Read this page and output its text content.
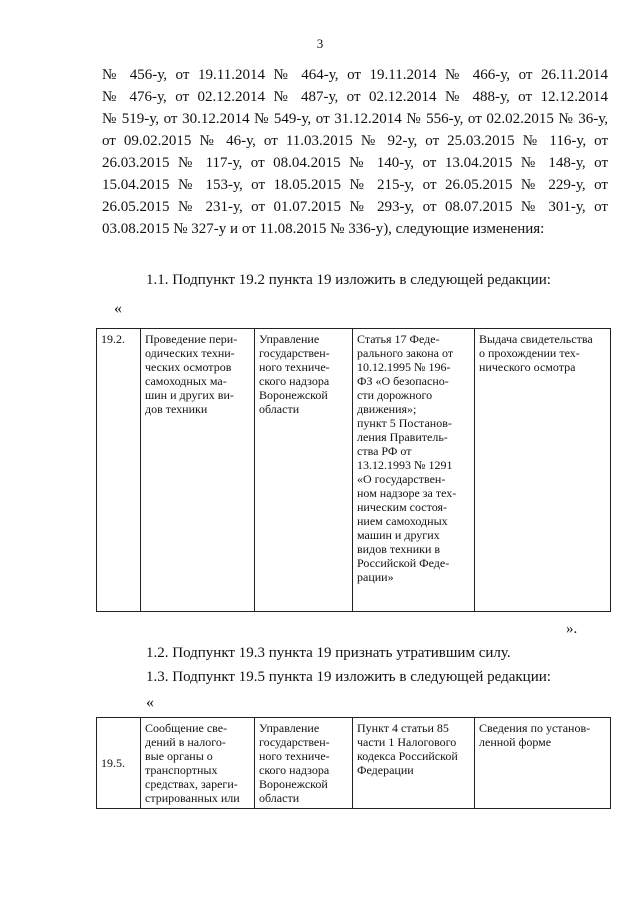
3
№ 456-у, от 19.11.2014 № 464-у, от 19.11.2014 № 466-у, от 26.11.2014
№ 476-у, от 02.12.2014 № 487-у, от 02.12.2014 № 488-у, от 12.12.2014
№ 519-у, от 30.12.2014 № 549-у, от 31.12.2014 № 556-у, от 02.02.2015 № 36-у,
от 09.02.2015 № 46-у, от 11.03.2015 № 92-у, от 25.03.2015 № 116-у, от
26.03.2015 № 117-у, от 08.04.2015 № 140-у, от 13.04.2015 № 148-у, от
15.04.2015 № 153-у, от 18.05.2015 № 215-у, от 26.05.2015 № 229-у, от
26.05.2015 № 231-у, от 01.07.2015 № 293-у, от 08.07.2015 № 301-у, от
03.08.2015 № 327-у и от 11.08.2015 № 336-у), следующие изменения:
1.1. Подпункт 19.2 пункта 19 изложить в следующей редакции:
«
19.2.	Проведение пери-
одических техни-
ческих осмотров
самоходных ма-
шин и других ви-
дов техники

Управление
государствен-
ного техниче-
ского надзора
Воронежской
области

Статья 17 Феде-
рального закона от
10.12.1995 № 196-
ФЗ «О безопасно-
сти дорожного
движения»;
пункт 5 Постанов-
ления Правитель-
ства РФ от
13.12.1993 № 1291
«О государствен-
ном надзоре за тех-
ническим состоя-
нием самоходных
машин и других
видов техники в
Российской Феде-
рации»

Выдача свидетельства
о прохождении тех-
нического осмотра
».
1.2. Подпункт 19.3 пункта 19 признать утратившим силу.
1.3. Подпункт 19.5 пункта 19 изложить в следующей редакции:
«
19.5.

Сообщение све-
дений в налого-
вые органы о
транспортных
средствах, зареги-
стрированных или

Управление
государствен-
ного техниче-
ского надзора
Воронежской
области

Пункт 4 статьи 85
части 1 Налогового
кодекса Российской
Федерации

Сведения по установ-
ленной форме
